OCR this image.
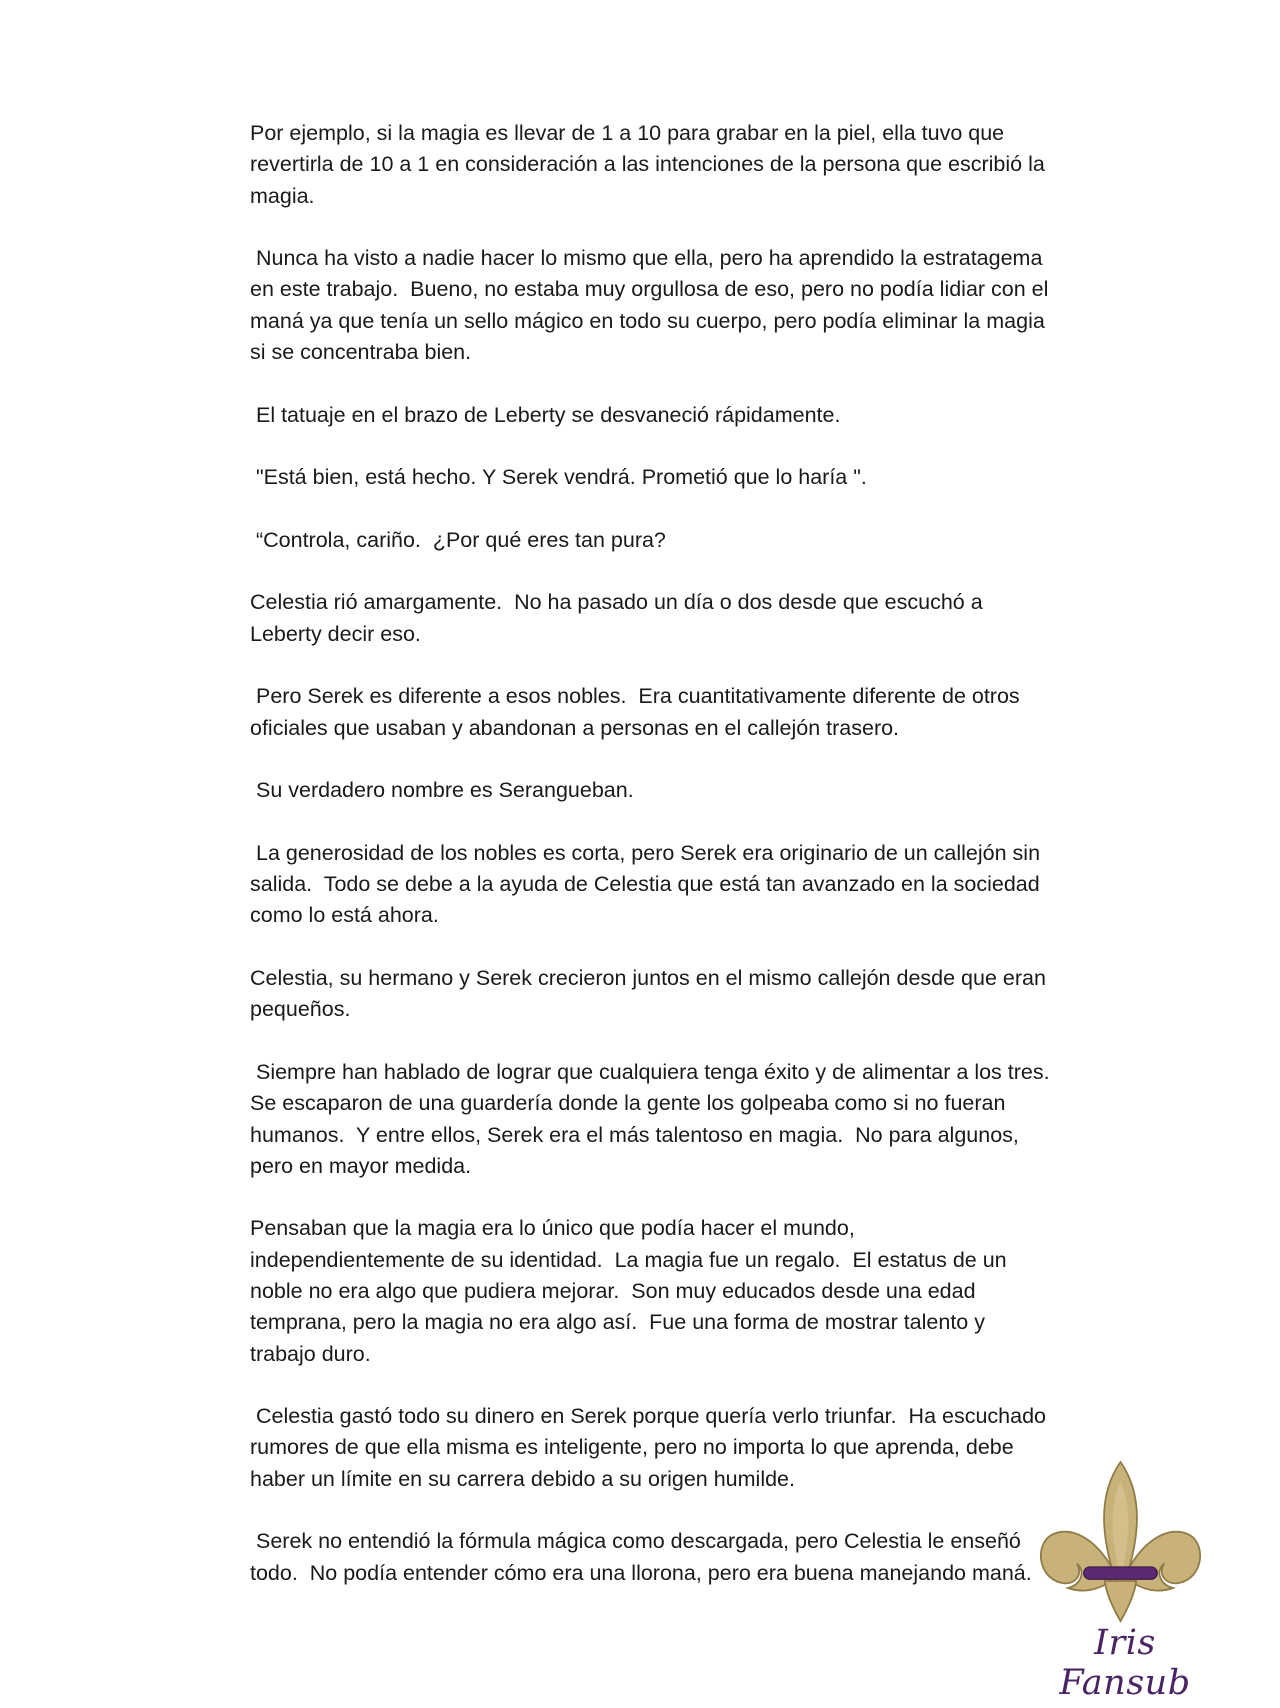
Por ejemplo, si la magia es llevar de 1 a 10 para grabar en la piel, ella tuvo que revertirla de 10 a 1 en consideración a las intenciones de la persona que escribió la magia.

Nunca ha visto a nadie hacer lo mismo que ella, pero ha aprendido la estratagema en este trabajo.  Bueno, no estaba muy orgullosa de eso, pero no podía lidiar con el maná ya que tenía un sello mágico en todo su cuerpo, pero podía eliminar la magia si se concentraba bien.

El tatuaje en el brazo de Leberty se desvaneció rápidamente.

"Está bien, está hecho. Y Serek vendrá. Prometió que lo haría ".

“Controla, cariño.  ¿Por qué eres tan pura?

Celestia rió amargamente.  No ha pasado un día o dos desde que escuchó a Leberty decir eso.

Pero Serek es diferente a esos nobles.  Era cuantitativamente diferente de otros oficiales que usaban y abandonan a personas en el callejón trasero.

Su verdadero nombre es Serangueban.

La generosidad de los nobles es corta, pero Serek era originario de un callejón sin salida.  Todo se debe a la ayuda de Celestia que está tan avanzado en la sociedad como lo está ahora.

Celestia, su hermano y Serek crecieron juntos en el mismo callejón desde que eran pequeños.

Siempre han hablado de lograr que cualquiera tenga éxito y de alimentar a los tres.  Se escaparon de una guardería donde la gente los golpeaba como si no fueran humanos.  Y entre ellos, Serek era el más talentoso en magia.  No para algunos, pero en mayor medida.

Pensaban que la magia era lo único que podía hacer el mundo, independientemente de su identidad.  La magia fue un regalo.  El estatus de un noble no era algo que pudiera mejorar.  Son muy educados desde una edad temprana, pero la magia no era algo así.  Fue una forma de mostrar talento y trabajo duro.

Celestia gastó todo su dinero en Serek porque quería verlo triunfar.  Ha escuchado rumores de que ella misma es inteligente, pero no importa lo que aprenda, debe haber un límite en su carrera debido a su origen humilde.

Serek no entendió la fórmula mágica como descargada, pero Celestia le enseñó todo.  No podía entender cómo era una llorona, pero era buena manejando maná.

Iris Fansub
